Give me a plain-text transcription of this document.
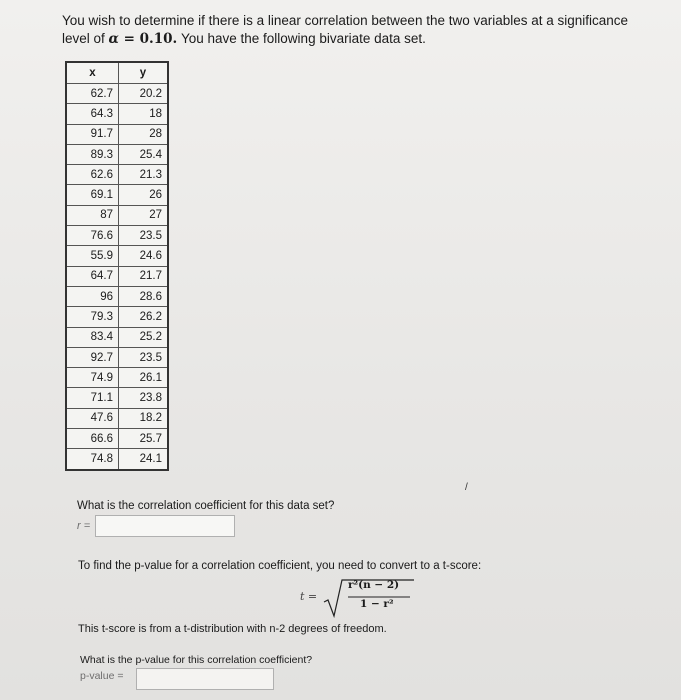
You wish to determine if there is a linear correlation between the two variables at a significance
level of α = 0.10. You have the following bivariate data set.
x	y
62.7	20.2
64.3	18
91.7	28
89.3	25.4
62.6	21.3
69.1	26
87	27
76.6	23.5
55.9	24.6
64.7	21.7
96	28.6
79.3	26.2
83.4	25.2
92.7	23.5
74.9	26.1
71.1	23.8
47.6	18.2
66.6	25.7
74.8	24.1
/
What is the correlation coefficient for this data set?
r =
To find the p-value for a correlation coefficient, you need to convert to a t-score:
t =
r²(n − 2)
1 − r²
This t-score is from a t-distribution with n-2 degrees of freedom.
What is the p-value for this correlation coefficient?
p-value =
